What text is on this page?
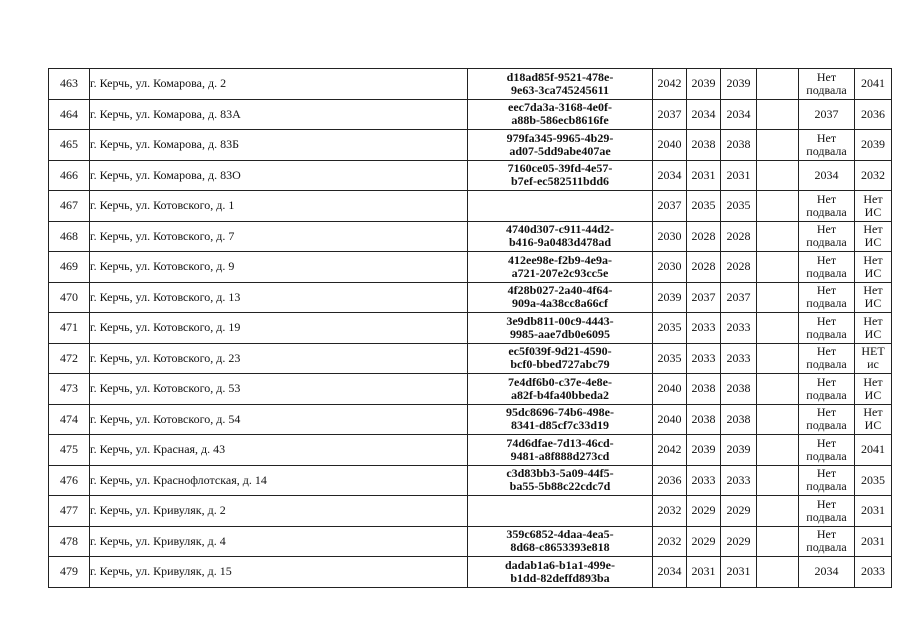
463	г. Керчь, ул. Комарова, д. 2	d18ad85f-9521-478e-
9e63-3ca745245611	2042	2039	2039		Нет
подвала	2041

464	г. Керчь, ул. Комарова, д. 83А	eec7da3a-3168-4e0f-
a88b-586ecb8616fe	2037	2034	2034		2037	2036

465	г. Керчь, ул. Комарова, д. 83Б	979fa345-9965-4b29-
ad07-5dd9abe407ae	2040	2038	2038		Нет
подвала	2039

466	г. Керчь, ул. Комарова, д. 83О	7160ce05-39fd-4e57-
b7ef-ec582511bdd6	2034	2031	2031		2034	2032

467	г. Керчь, ул. Котовского, д. 1		2037	2035	2035		Нет
подвала	Нет
ИС

468	г. Керчь, ул. Котовского, д. 7	4740d307-c911-44d2-
b416-9a0483d478ad	2030	2028	2028		Нет
подвала	Нет
ИС

469	г. Керчь, ул. Котовского, д. 9	412ee98e-f2b9-4e9a-
a721-207e2c93cc5e	2030	2028	2028		Нет
подвала	Нет
ИС

470	г. Керчь, ул. Котовского, д. 13	4f28b027-2a40-4f64-
909a-4a38cc8a66cf	2039	2037	2037		Нет
подвала	Нет
ИС

471	г. Керчь, ул. Котовского, д. 19	3e9db811-00c9-4443-
9985-aae7db0e6095	2035	2033	2033		Нет
подвала	Нет
ИС

472	г. Керчь, ул. Котовского, д. 23	ec5f039f-9d21-4590-
bcf0-bbed727abc79	2035	2033	2033		Нет
подвала	НЕТ
ис

473	г. Керчь, ул. Котовского, д. 53	7e4df6b0-c37e-4e8e-
a82f-b4fa40bbeda2	2040	2038	2038		Нет
подвала	Нет
ИС

474	г. Керчь, ул. Котовского, д. 54	95dc8696-74b6-498e-
8341-d85cf7c33d19	2040	2038	2038		Нет
подвала	Нет
ИС

475	г. Керчь, ул. Красная, д. 43	74d6dfae-7d13-46cd-
9481-a8f888d273cd	2042	2039	2039		Нет
подвала	2041

476	г. Керчь, ул. Краснофлотская, д. 14	c3d83bb3-5a09-44f5-
ba55-5b88c22cdc7d	2036	2033	2033		Нет
подвала	2035

477	г. Керчь, ул. Кривуляк, д. 2		2032	2029	2029		Нет
подвала	2031

478	г. Керчь, ул. Кривуляк, д. 4	359c6852-4daa-4ea5-
8d68-c8653393e818	2032	2029	2029		Нет
подвала	2031

479	г. Керчь, ул. Кривуляк, д. 15	dadab1a6-b1a1-499e-
b1dd-82deffd893ba	2034	2031	2031		2034	2033
